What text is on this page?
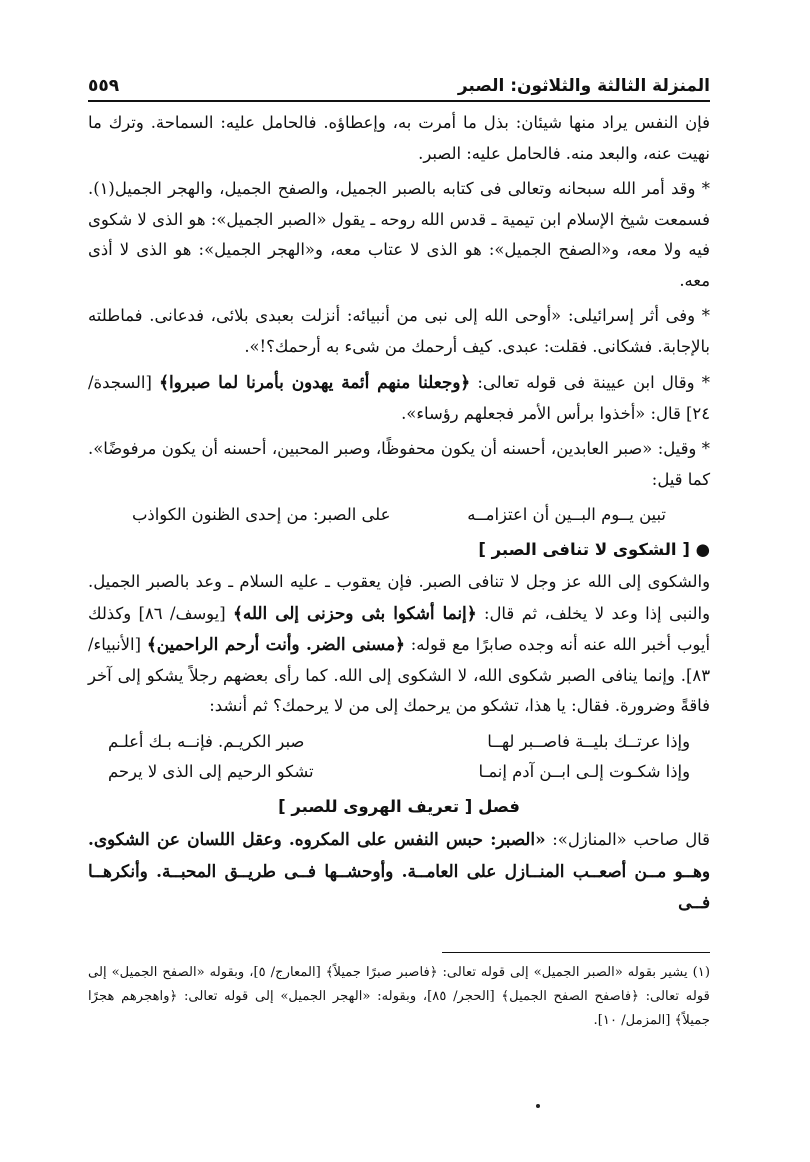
المنزلة الثالثة والثلاثون: الصبر
٥٥٩

فإن النفس يراد منها شيئان: بذل ما أمرت به، وإعطاؤه. فالحامل عليه: السماحة. وترك ما نهيت عنه، والبعد منه. فالحامل عليه: الصبر.

* وقد أمر الله سبحانه وتعالى فى كتابه بالصبر الجميل، والصفح الجميل، والهجر الجميل(١). فسمعت شيخ الإسلام ابن تيمية ـ قدس الله روحه ـ يقول «الصبر الجميل»: هو الذى لا شكوى فيه ولا معه، و«الصفح الجميل»: هو الذى لا عتاب معه، و«الهجر الجميل»: هو الذى لا أذى معه.

* وفى أثر إسرائيلى: «أوحى الله إلى نبى من أنبيائه: أنزلت بعبدى بلائى، فدعانى. فماطلته بالإجابة. فشكانى. فقلت: عبدى. كيف أرحمك من شىء به أرحمك؟!».

* وقال ابن عيينة فى قوله تعالى: ﴿وجعلنا منهم أئمة يهدون بأمرنا لما صبروا﴾ [السجدة/ ٢٤] قال: «أخذوا برأس الأمر فجعلهم رؤساء».

* وقيل: «صبر العابدين، أحسنه أن يكون محفوظًا، وصبر المحبين، أحسنه أن يكون مرفوضًا». كما قيل:

تبين يــوم البــين أن اعتزامــه
على الصبر: من إحدى الظنون الكواذب
● [ الشكوى لا تنافى الصبر ]

والشكوى إلى الله عز وجل لا تنافى الصبر. فإن يعقوب ـ عليه السلام ـ وعد بالصبر الجميل. والنبى إذا وعد لا يخلف، ثم قال: ﴿إنما أشكوا بثى وحزنى إلى الله﴾ [يوسف/ ٨٦] وكذلك أيوب أخبر الله عنه أنه وجده صابرًا مع قوله: ﴿مسنى الضر. وأنت أرحم الراحمين﴾ [الأنبياء/ ٨٣]. وإنما ينافى الصبر شكوى الله، لا الشكوى إلى الله. كما رأى بعضهم رجلاً يشكو إلى آخر فاقةً وضرورة. فقال: يا هذا، تشكو من يرحمك إلى من لا يرحمك؟ ثم أنشد:

وإذا عرتــك بليــة فاصــبر لهــا
صبر الكريـم. فإنــه بـك أعلـم
وإذا شكـوت إلـى ابــن آدم إنمـا
تشكو الرحيم إلى الذى لا يرحم
فصل [ تعريف الهروى للصبر ]

قال صاحب «المنازل»: «الصبر: حبس النفس على المكروه. وعقل اللسان عن الشكوى. وهــو مــن أصعــب المنــازل على العامــة. وأوحشــها فــى طريــق المحبــة. وأنكرهــا فــى

(١) يشير بقوله «الصبر الجميل» إلى قوله تعالى: ﴿فاصبر صبرًا جميلاً﴾ [المعارج/ ٥]، وبقوله «الصفح الجميل» إلى قوله تعالى: ﴿فاصفح الصفح الجميل﴾ [الحجر/ ٨٥]، وبقوله: «الهجر الجميل» إلى قوله تعالى: ﴿واهجرهم هجرًا جميلاً﴾ [المزمل/ ١٠].
